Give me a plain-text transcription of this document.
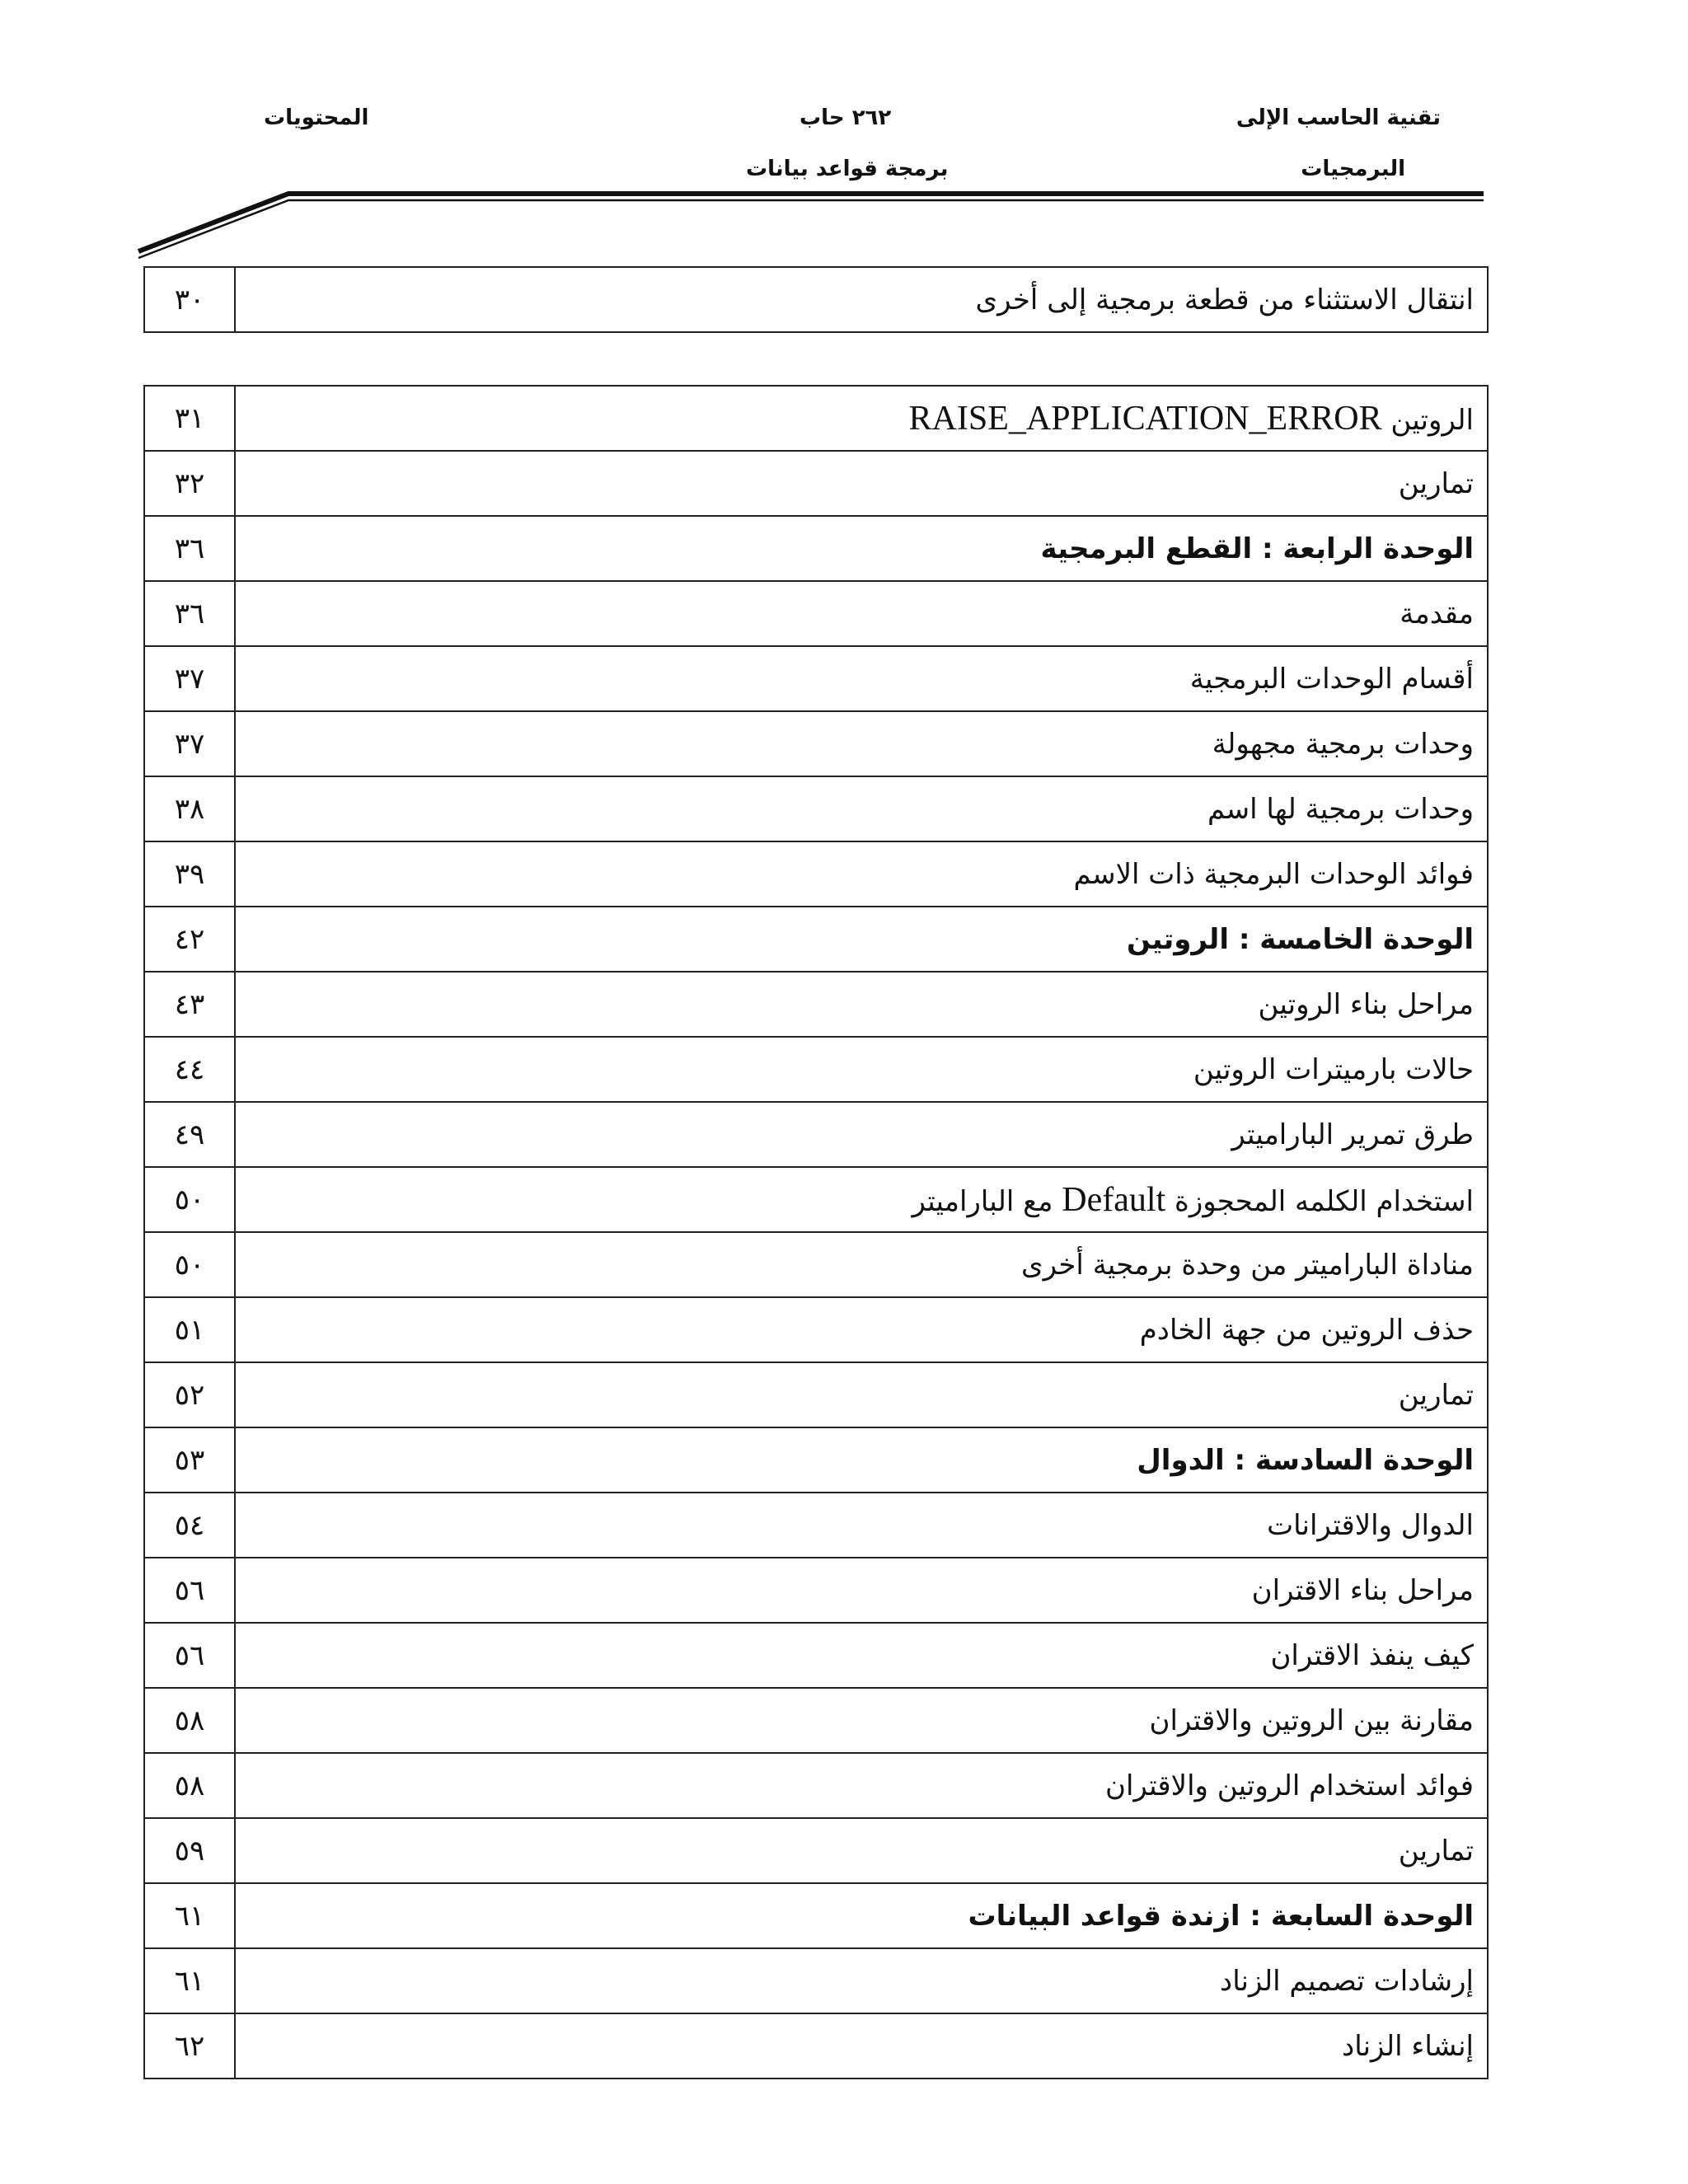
تقنية الحاسب الإلى
البرمجيات
٢٦٢ حاب
برمجة قواعد بيانات
المحتويات
٣٠	انتقال الاستثناء من قطعة برمجية إلى أخرى
٣١	الروتين RAISE_APPLICATION_ERROR
٣٢	تمارين
٣٦	الوحدة الرابعة : القطع البرمجية
٣٦	مقدمة
٣٧	أقسام الوحدات البرمجية
٣٧	وحدات برمجية مجهولة
٣٨	وحدات برمجية لها اسم
٣٩	فوائد الوحدات البرمجية ذات الاسم
٤٢	الوحدة الخامسة : الروتين
٤٣	مراحل بناء الروتين
٤٤	حالات بارميترات الروتين
٤٩	طرق تمرير الباراميتر
٥٠	استخدام الكلمه المحجوزة Default مع الباراميتر
٥٠	مناداة الباراميتر من وحدة برمجية أخرى
٥١	حذف الروتين من جهة الخادم
٥٢	تمارين
٥٣	الوحدة السادسة : الدوال
٥٤	الدوال والاقترانات
٥٦	مراحل بناء الاقتران
٥٦	كيف ينفذ الاقتران
٥٨	مقارنة بين الروتين والاقتران
٥٨	فوائد استخدام الروتين والاقتران
٥٩	تمارين
٦١	الوحدة السابعة : ازندة قواعد البيانات
٦١	إرشادات تصميم الزناد
٦٢	إنشاء الزناد
